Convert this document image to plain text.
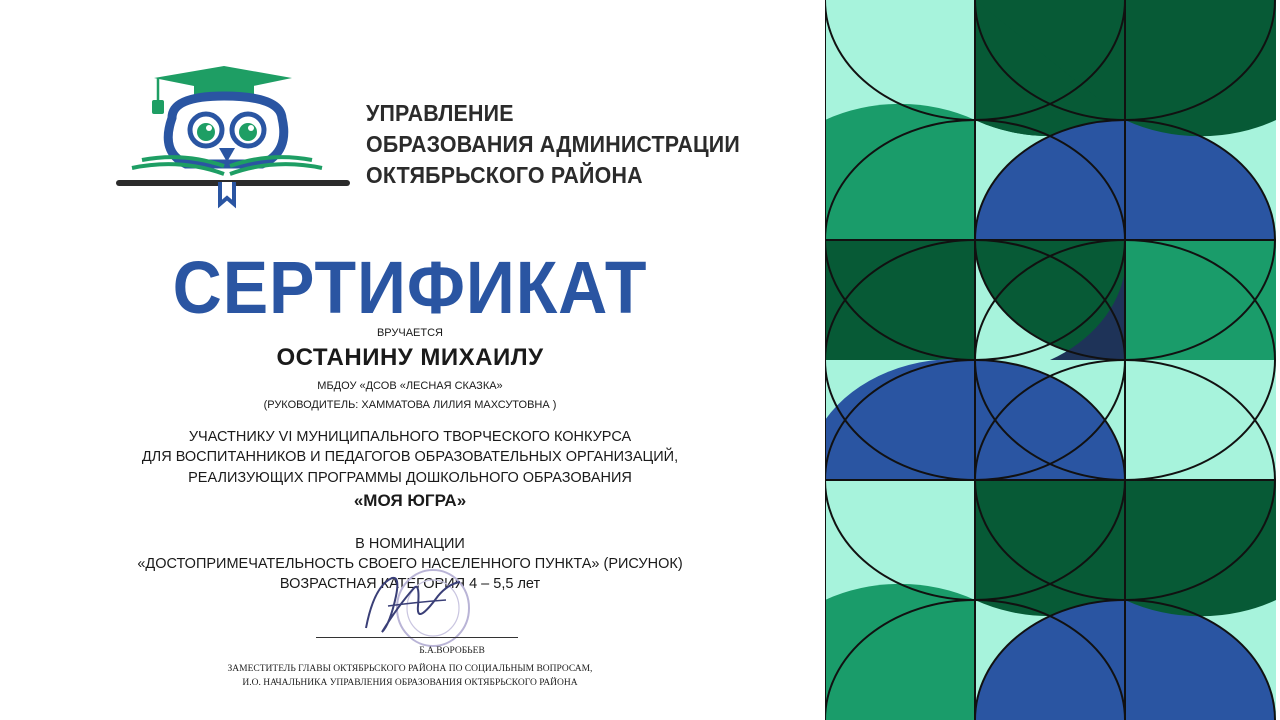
УПРАВЛЕНИЕ
ОБРАЗОВАНИЯ АДМИНИСТРАЦИИ
ОКТЯБРЬСКОГО РАЙОНА
СЕРТИФИКАТ
ВРУЧАЕТСЯ
ОСТАНИНУ МИХАИЛУ
МБДОУ «ДСОВ «ЛЕСНАЯ СКАЗКА»
(РУКОВОДИТЕЛЬ: ХАММАТОВА ЛИЛИЯ МАХСУТОВНА )
УЧАСТНИКУ VI МУНИЦИПАЛЬНОГО ТВОРЧЕСКОГО КОНКУРСА
ДЛЯ ВОСПИТАННИКОВ И ПЕДАГОГОВ ОБРАЗОВАТЕЛЬНЫХ ОРГАНИЗАЦИЙ,
РЕАЛИЗУЮЩИХ ПРОГРАММЫ ДОШКОЛЬНОГО ОБРАЗОВАНИЯ
«МОЯ ЮГРА»
В НОМИНАЦИИ
«ДОСТОПРИМЕЧАТЕЛЬНОСТЬ СВОЕГО НАСЕЛЕННОГО ПУНКТА» (РИСУНОК)
ВОЗРАСТНАЯ КАТЕГОРИЯ 4 – 5,5 лет
Б.А.ВОРОБЬЕВ
ЗАМЕСТИТЕЛЬ ГЛАВЫ ОКТЯБРЬСКОГО РАЙОНА ПО СОЦИАЛЬНЫМ ВОПРОСАМ,
И.О. НАЧАЛЬНИКА УПРАВЛЕНИЯ ОБРАЗОВАНИЯ ОКТЯБРЬСКОГО РАЙОНА
